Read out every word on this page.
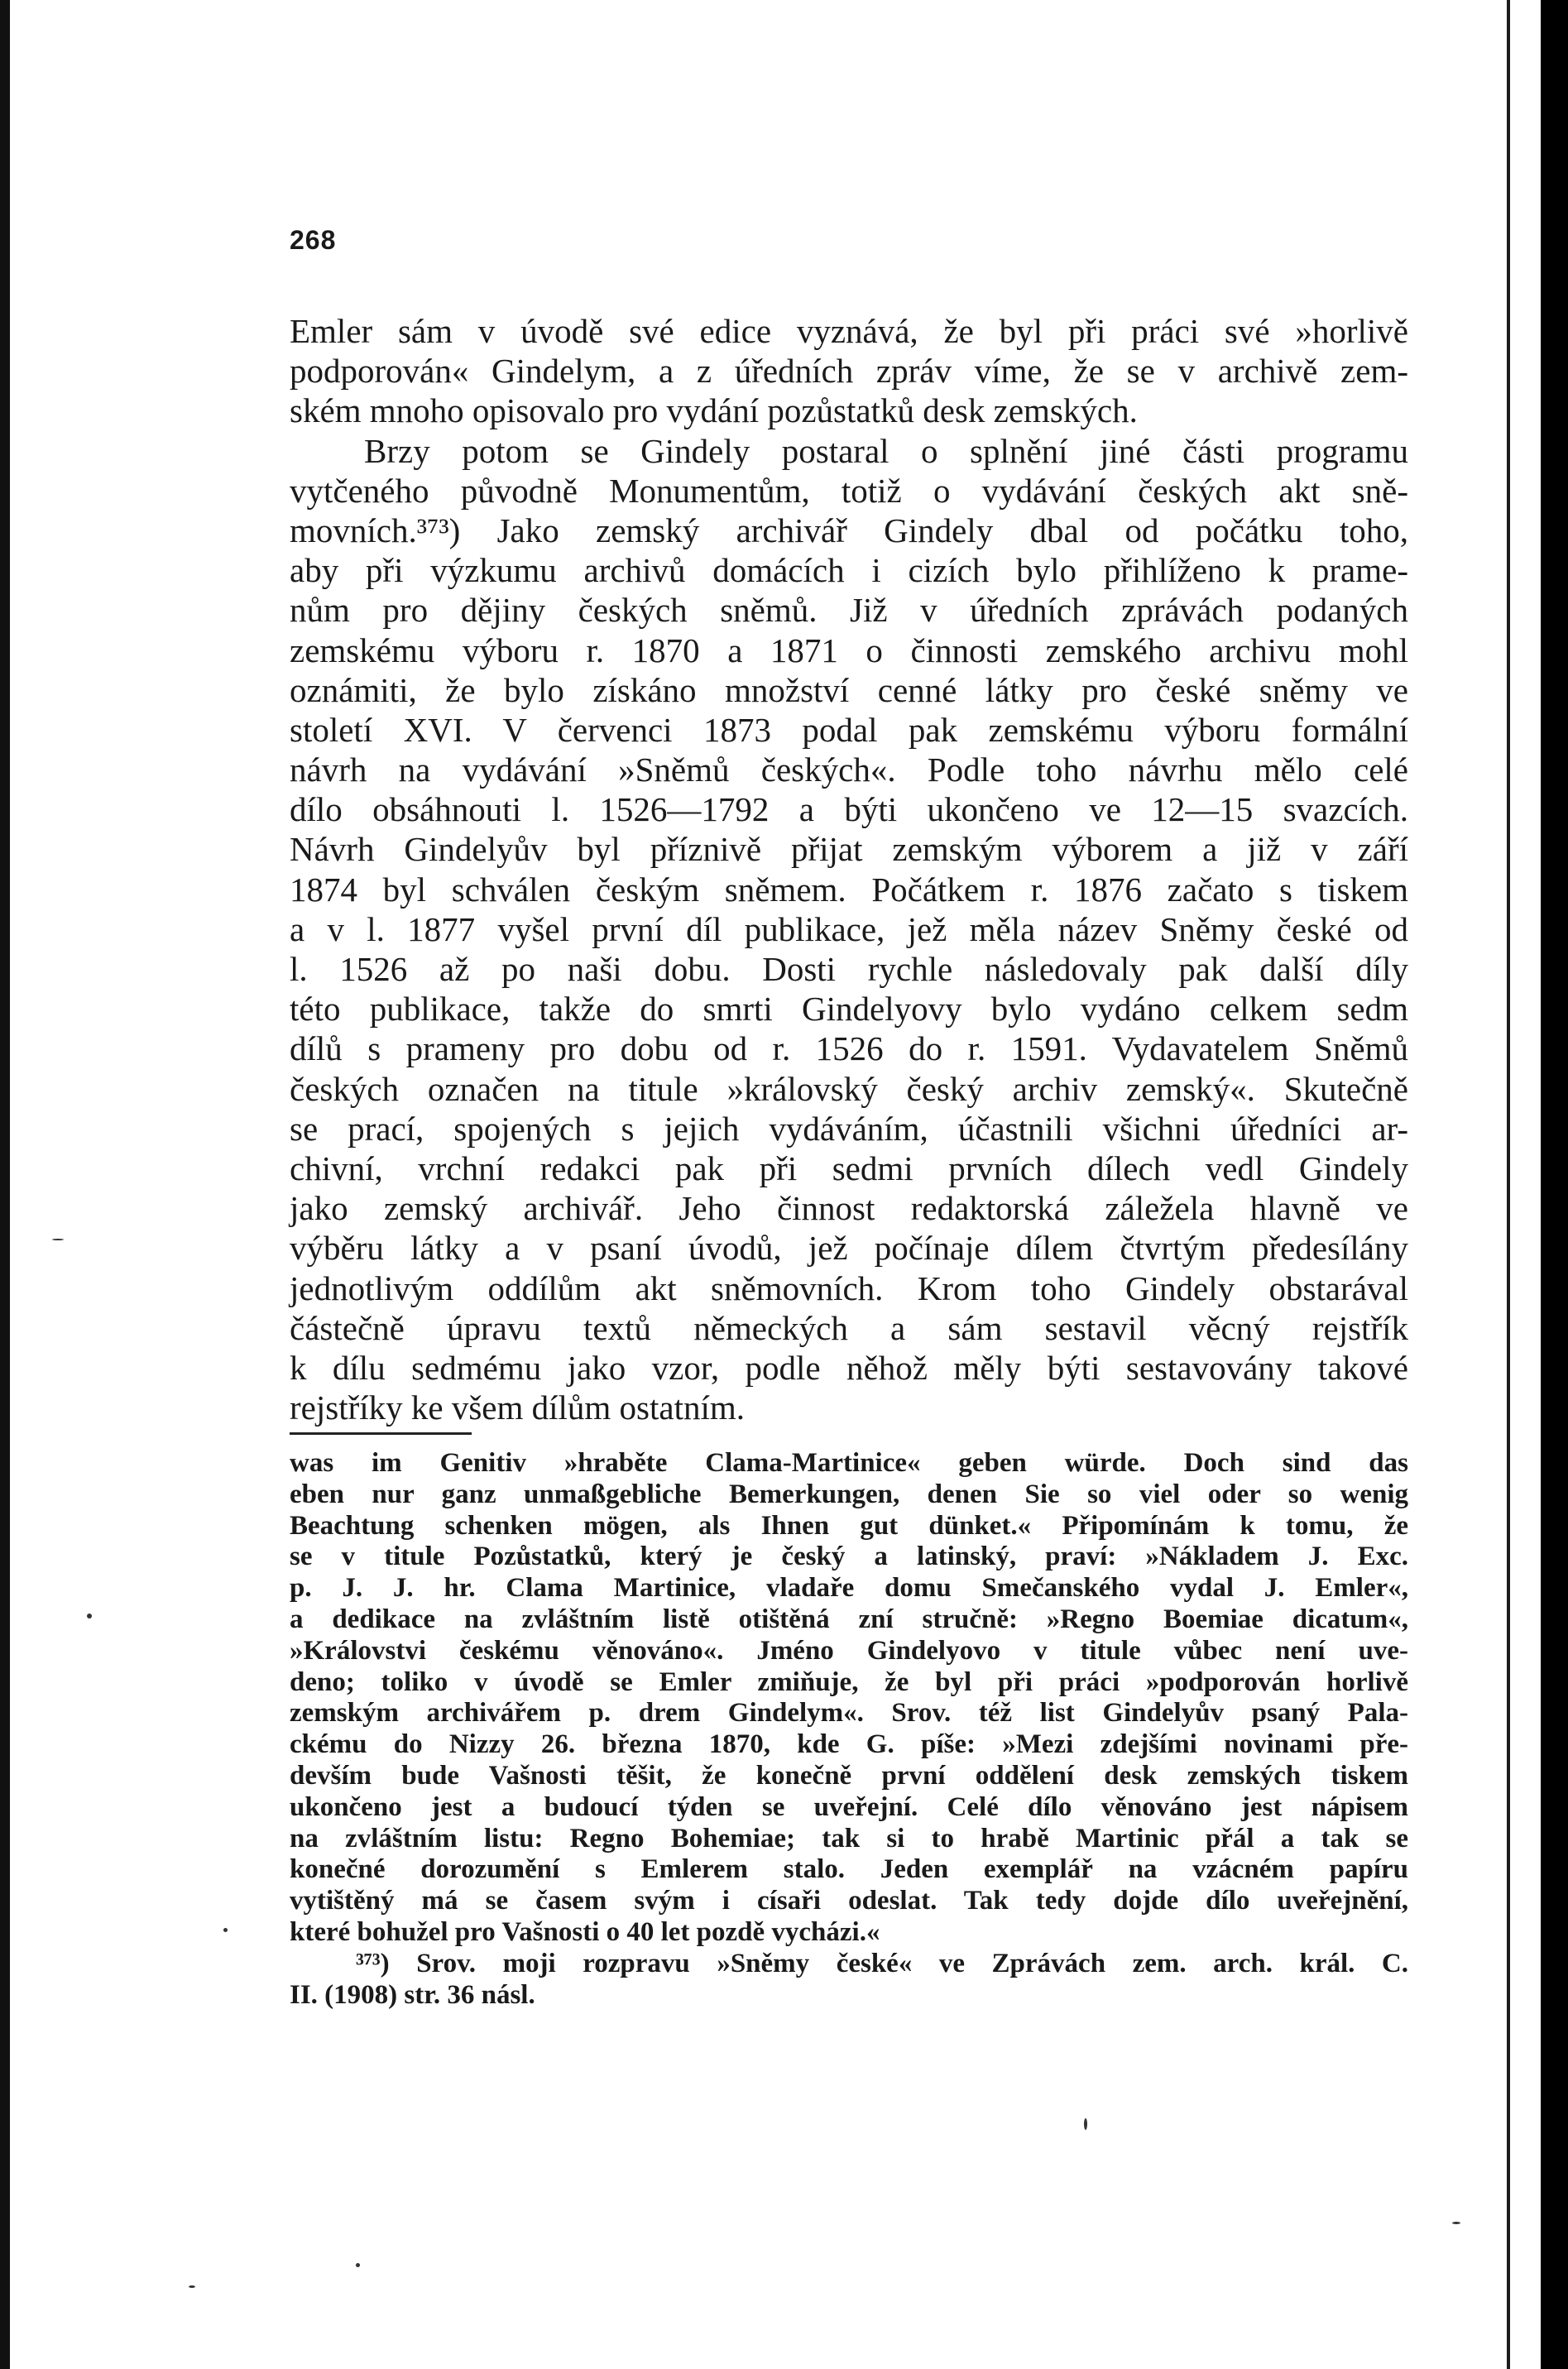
268
Emler sám v úvodě své edice vyznává, že byl při práci své »horlivě
podporován« Gindelym, a z úředních zpráv víme, že se v archivě zem-
ském mnoho opisovalo pro vydání pozůstatků desk zemských.
Brzy potom se Gindely postaral o splnění jiné části programu
vytčeného původně Monumentům, totiž o vydávání českých akt sně-
movních.³⁷³) Jako zemský archivář Gindely dbal od počátku toho,
aby při výzkumu archivů domácích i cizích bylo přihlíženo k prame-
nům pro dějiny českých sněmů. Již v úředních zprávách podaných
zemskému výboru r. 1870 a 1871 o činnosti zemského archivu mohl
oznámiti, že bylo získáno množství cenné látky pro české sněmy ve
století XVI. V červenci 1873 podal pak zemskému výboru formální
návrh na vydávání »Sněmů českých«. Podle toho návrhu mělo celé
dílo obsáhnouti l. 1526—1792 a býti ukončeno ve 12—15 svazcích.
Návrh Gindelyův byl příznivě přijat zemským výborem a již v září
1874 byl schválen českým sněmem. Počátkem r. 1876 začato s tiskem
a v l. 1877 vyšel první díl publikace, jež měla název Sněmy české od
l. 1526 až po naši dobu. Dosti rychle následovaly pak další díly
této publikace, takže do smrti Gindelyovy bylo vydáno celkem sedm
dílů s prameny pro dobu od r. 1526 do r. 1591. Vydavatelem Sněmů
českých označen na titule »královský český archiv zemský«. Skutečně
se prací, spojených s jejich vydáváním, účastnili všichni úředníci ar-
chivní, vrchní redakci pak při sedmi prvních dílech vedl Gindely
jako zemský archivář. Jeho činnost redaktorská záležela hlavně ve
výběru látky a v psaní úvodů, jež počínaje dílem čtvrtým předesílány
jednotlivým oddílům akt sněmovních. Krom toho Gindely obstarával
částečně úpravu textů německých a sám sestavil věcný rejstřík
k dílu sedmému jako vzor, podle něhož měly býti sestavovány takové
rejstříky ke všem dílům ostatním.
was im Genitiv »hraběte Clama-Martinice« geben würde. Doch sind das
eben nur ganz unmaßgebliche Bemerkungen, denen Sie so viel oder so wenig
Beachtung schenken mögen, als Ihnen gut dünket.« Připomínám k tomu, že
se v titule Pozůstatků, který je český a latinský, praví: »Nákladem J. Exc.
p. J. J. hr. Clama Martinice, vladaře domu Smečanského vydal J. Emler«,
a dedikace na zvláštním listě otištěná zní stručně: »Regno Boemiae dicatum«,
»Královstvi českému věnováno«. Jméno Gindelyovo v titule vůbec není uve-
deno; toliko v úvodě se Emler zmiňuje, že byl při práci »podporován horlivě
zemským archivářem p. drem Gindelym«. Srov. též list Gindelyův psaný Pala-
ckému do Nizzy 26. března 1870, kde G. píše: »Mezi zdejšími novinami pře-
devším bude Vašnosti těšit, že konečně první oddělení desk zemských tiskem
ukončeno jest a budoucí týden se uveřejní. Celé dílo věnováno jest nápisem
na zvláštním listu: Regno Bohemiae; tak si to hrabě Martinic přál a tak se
konečné dorozumění s Emlerem stalo. Jeden exemplář na vzácném papíru
vytištěný má se časem svým i císaři odeslat. Tak tedy dojde dílo uveřejnění,
které bohužel pro Vašnosti o 40 let pozdě vycházi.«
³⁷³) Srov. moji rozpravu »Sněmy české« ve Zprávách zem. arch. král. C.
II. (1908) str. 36 násl.
